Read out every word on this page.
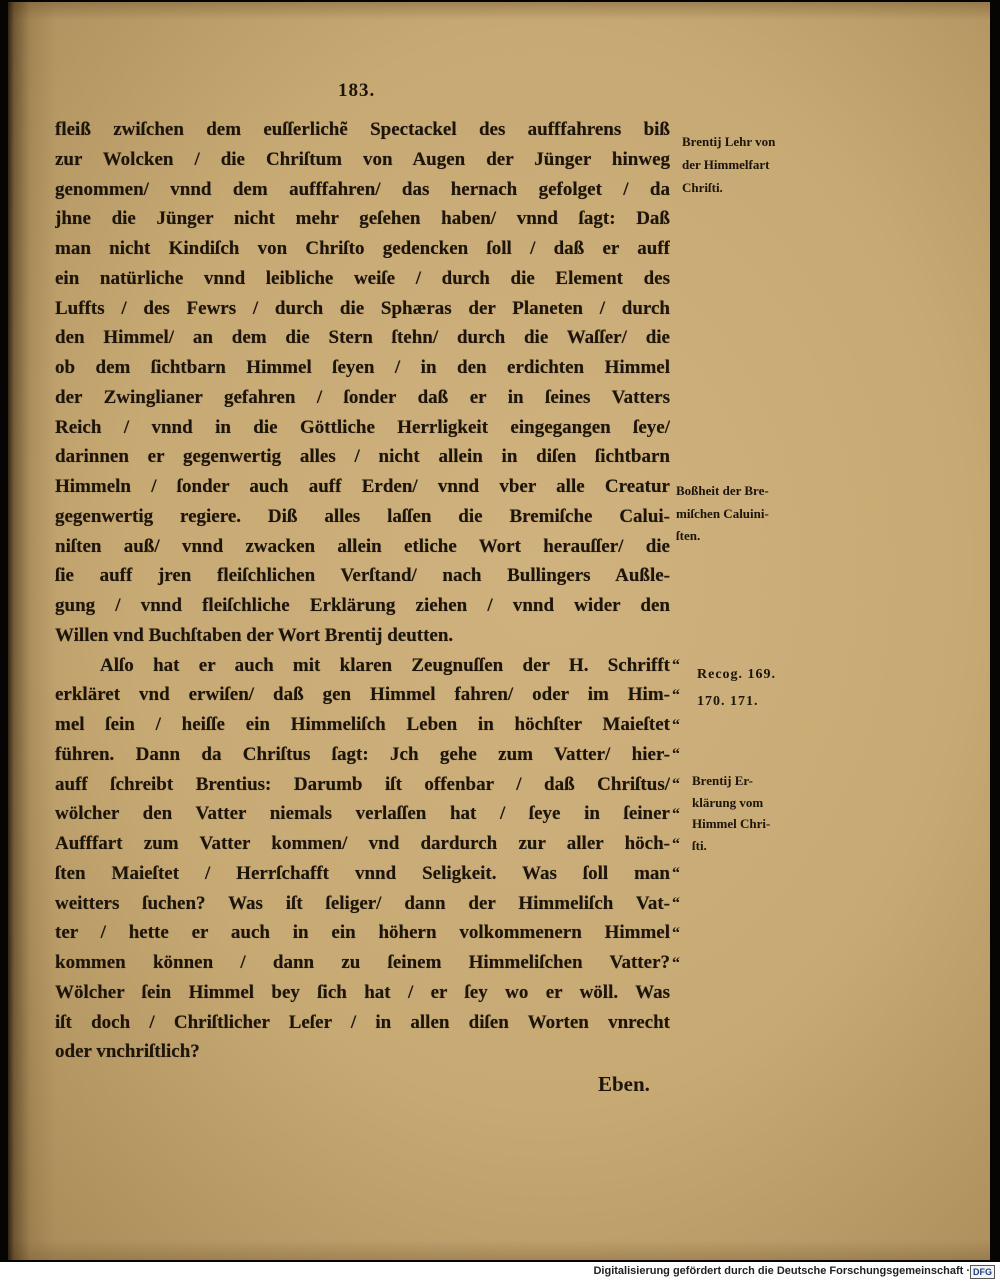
183.
fleiß zwiſchen dem euſſerlichẽ Spectackel des aufffahrens biß
zur Wolcken / die Chriſtum von Augen der Jünger hinweg
genommen/ vnnd dem aufffahren/ das hernach gefolget / da
jhne die Jünger nicht mehr geſehen haben/ vnnd ſagt: Daß
man nicht Kindiſch von Chriſto gedencken ſoll / daß er auff
ein natürliche vnnd leibliche weiſe / durch die Element des
Luffts / des Fewrs / durch die Sphæras der Planeten / durch
den Himmel/ an dem die Stern ſtehn/ durch die Waſſer/ die
ob dem ſichtbarn Himmel ſeyen / in den erdichten Himmel
der Zwinglianer gefahren / ſonder daß er in ſeines Vatters
Reich / vnnd in die Göttliche Herrligkeit eingegangen ſeye/
darinnen er gegenwertig alles / nicht allein in diſen ſichtbarn
Himmeln / ſonder auch auff Erden/ vnnd vber alle Creatur
gegenwertig regiere. Diß alles laſſen die Bremiſche Calui-
niſten auß/ vnnd zwacken allein etliche Wort herauſſer/ die
ſie auff jren fleiſchlichen Verſtand/ nach Bullingers Außle-
gung / vnnd fleiſchliche Erklärung ziehen / vnnd wider den
Willen vnd Buchſtaben der Wort Brentij deutten.
Alſo hat er auch mit klaren Zeugnuſſen der H. Schrifft
erkläret vnd erwiſen/ daß gen Himmel fahren/ oder im Him-
mel ſein / heiſſe ein Himmeliſch Leben in höchſter Maieſtet
führen. Dann da Chriſtus ſagt: Jch gehe zum Vatter/ hier-
auff ſchreibt Brentius: Darumb iſt offenbar / daß Chriſtus/
wölcher den Vatter niemals verlaſſen hat / ſeye in ſeiner
Aufffart zum Vatter kommen/ vnd dardurch zur aller höch-
ſten Maieſtet / Herrſchafft vnnd Seligkeit. Was ſoll man
weitters ſuchen? Was iſt ſeliger/ dann der Himmeliſch Vat-
ter / hette er auch in ein höhern volkommenern Himmel
kommen können / dann zu ſeinem Himmeliſchen Vatter?
Wölcher ſein Himmel bey ſich hat / er ſey wo er wöll. Was
iſt doch / Chriſtlicher Leſer / in allen diſen Worten vnrecht
oder vnchriſtlich?
Brentij Lehr von
der Himmelfart
Chriſti.
Boßheit der Bre-
miſchen Caluini-
ſten.
Recog. 169.
170. 171.
Brentij Er-
klärung vom
Himmel Chri-
ſti.
“
“
“
“
“
“
“
“
“
“
“
Eben.
Digitalisierung gefördert durch die Deutsche Forschungsgemeinschaft · DFG
